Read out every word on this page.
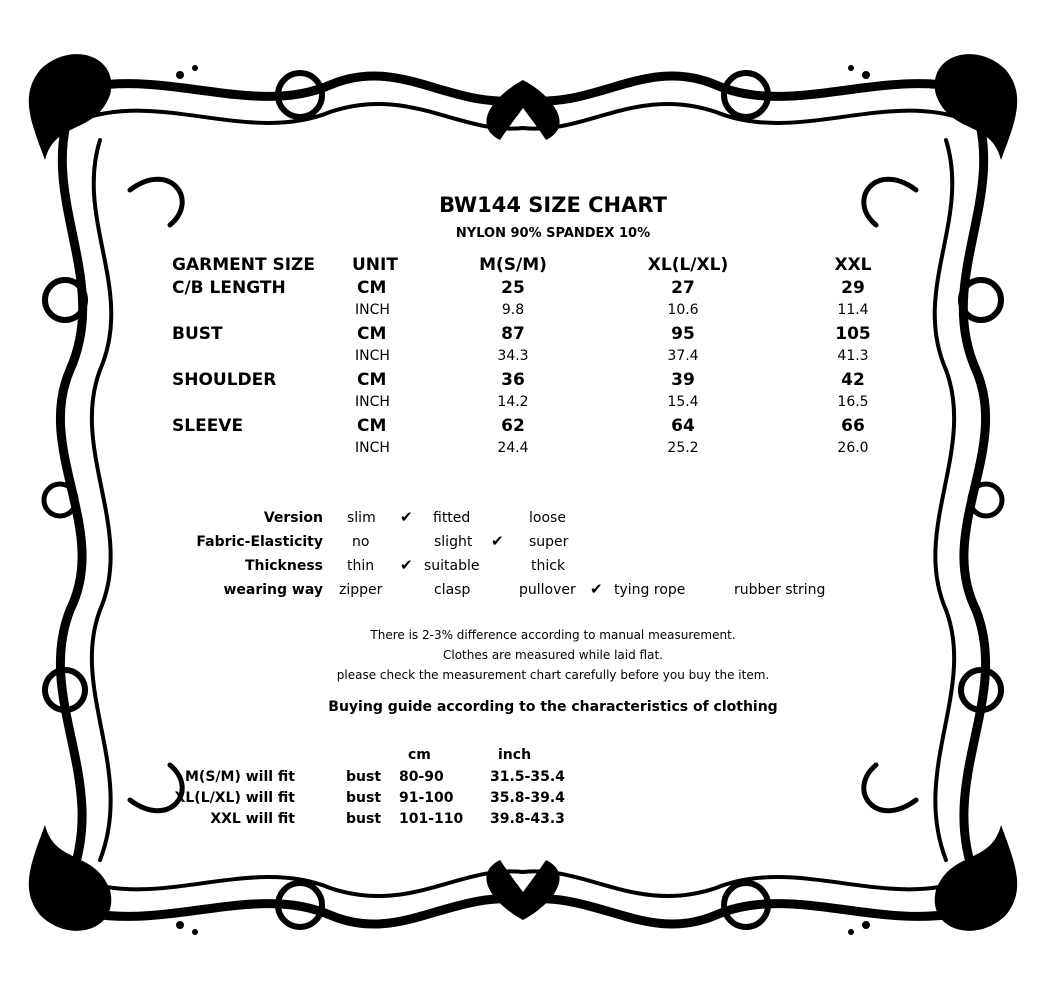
BW144 SIZE CHART
NYLON 90% SPANDEX 10%
GARMENT SIZE UNIT	M(S/M)	XL(L/XL)	XXL
C/B LENGTH	CM	25	27	29
INCH	9.8	10.6	11.4
BUST	CM	87	95	105
INCH	34.3	37.4	41.3
SHOULDER	CM	36	39	42
INCH	14.2	15.4	16.5
SLEEVE	CM	62	64	66
INCH	24.4	25.2	26.0
Version slim ✔ fitted	loose
Fabric-Elasticity no	slight ✔ super
Thickness thin ✔ suitable	thick
wearing way zipper	clasp	pullover ✔ tying rope	rubber string
There is 2-3% difference according to manual measurement.
Clothes are measured while laid flat.
please check the measurement chart carefully before you buy the item.
Buying guide according to the characteristics of clothing
cm	inch
M(S/M) will fit	bust 80-90	31.5-35.4
XL(L/XL) will fit	bust 91-100	35.8-39.4
XXL will fit	bust 101-110 39.8-43.3
